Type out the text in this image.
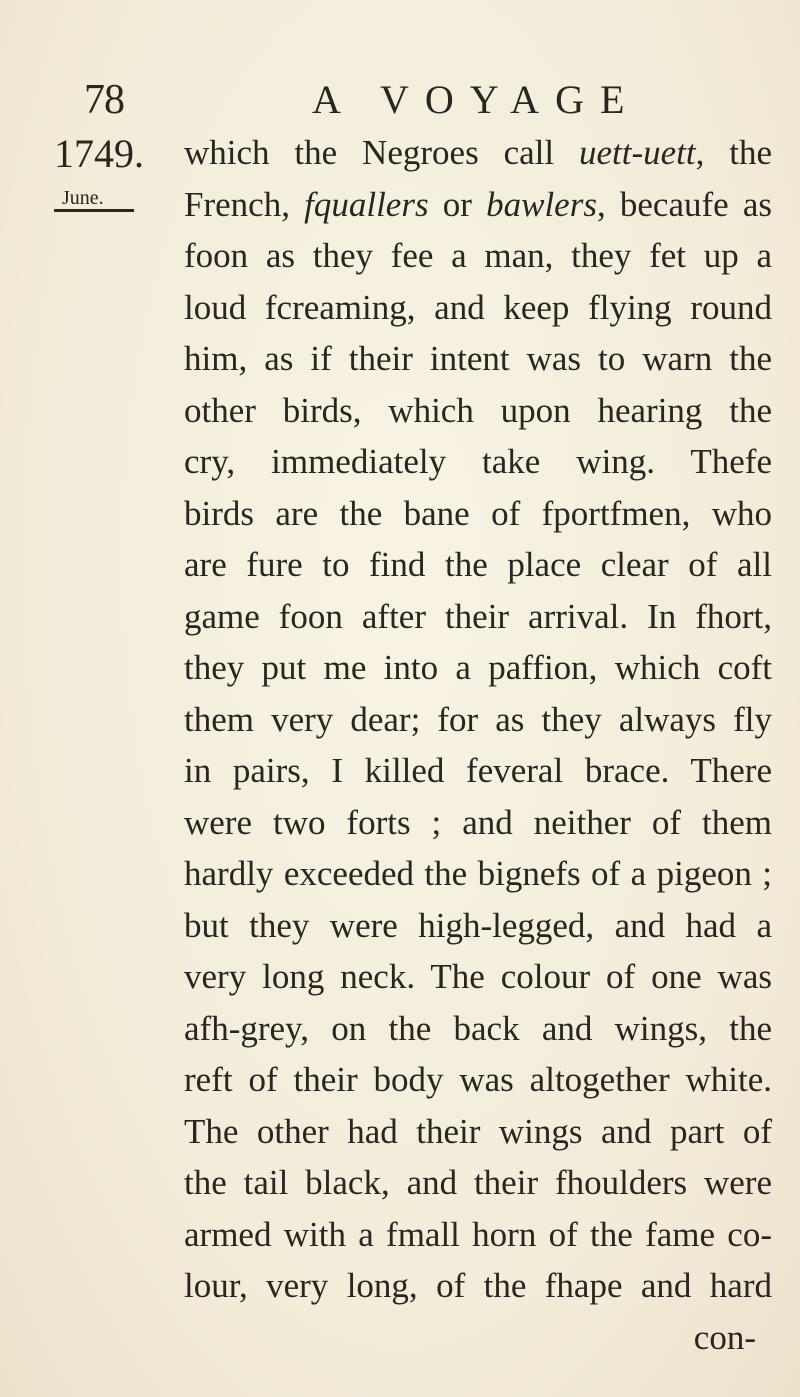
78	A VOYAGE
1749.
June.
which the Negroes call uett-uett, the
French, fquallers or bawlers, becaufe as
foon as they fee a man, they fet up a
loud fcreaming, and keep flying round
him, as if their intent was to warn the
other birds, which upon hearing the
cry, immediately take wing. Thefe
birds are the bane of fportfmen, who
are fure to find the place clear of all
game foon after their arrival. In fhort,
they put me into a paffion, which coft
them very dear; for as they always fly
in pairs, I killed feveral brace. There
were two forts ; and neither of them
hardly exceeded the bignefs of a pigeon ;
but they were high-legged, and had a
very long neck. The colour of one was
afh-grey, on the back and wings, the
reft of their body was altogether white.
The other had their wings and part of
the tail black, and their fhoulders were
armed with a fmall horn of the fame co-
lour, very long, of the fhape and hard
con-
